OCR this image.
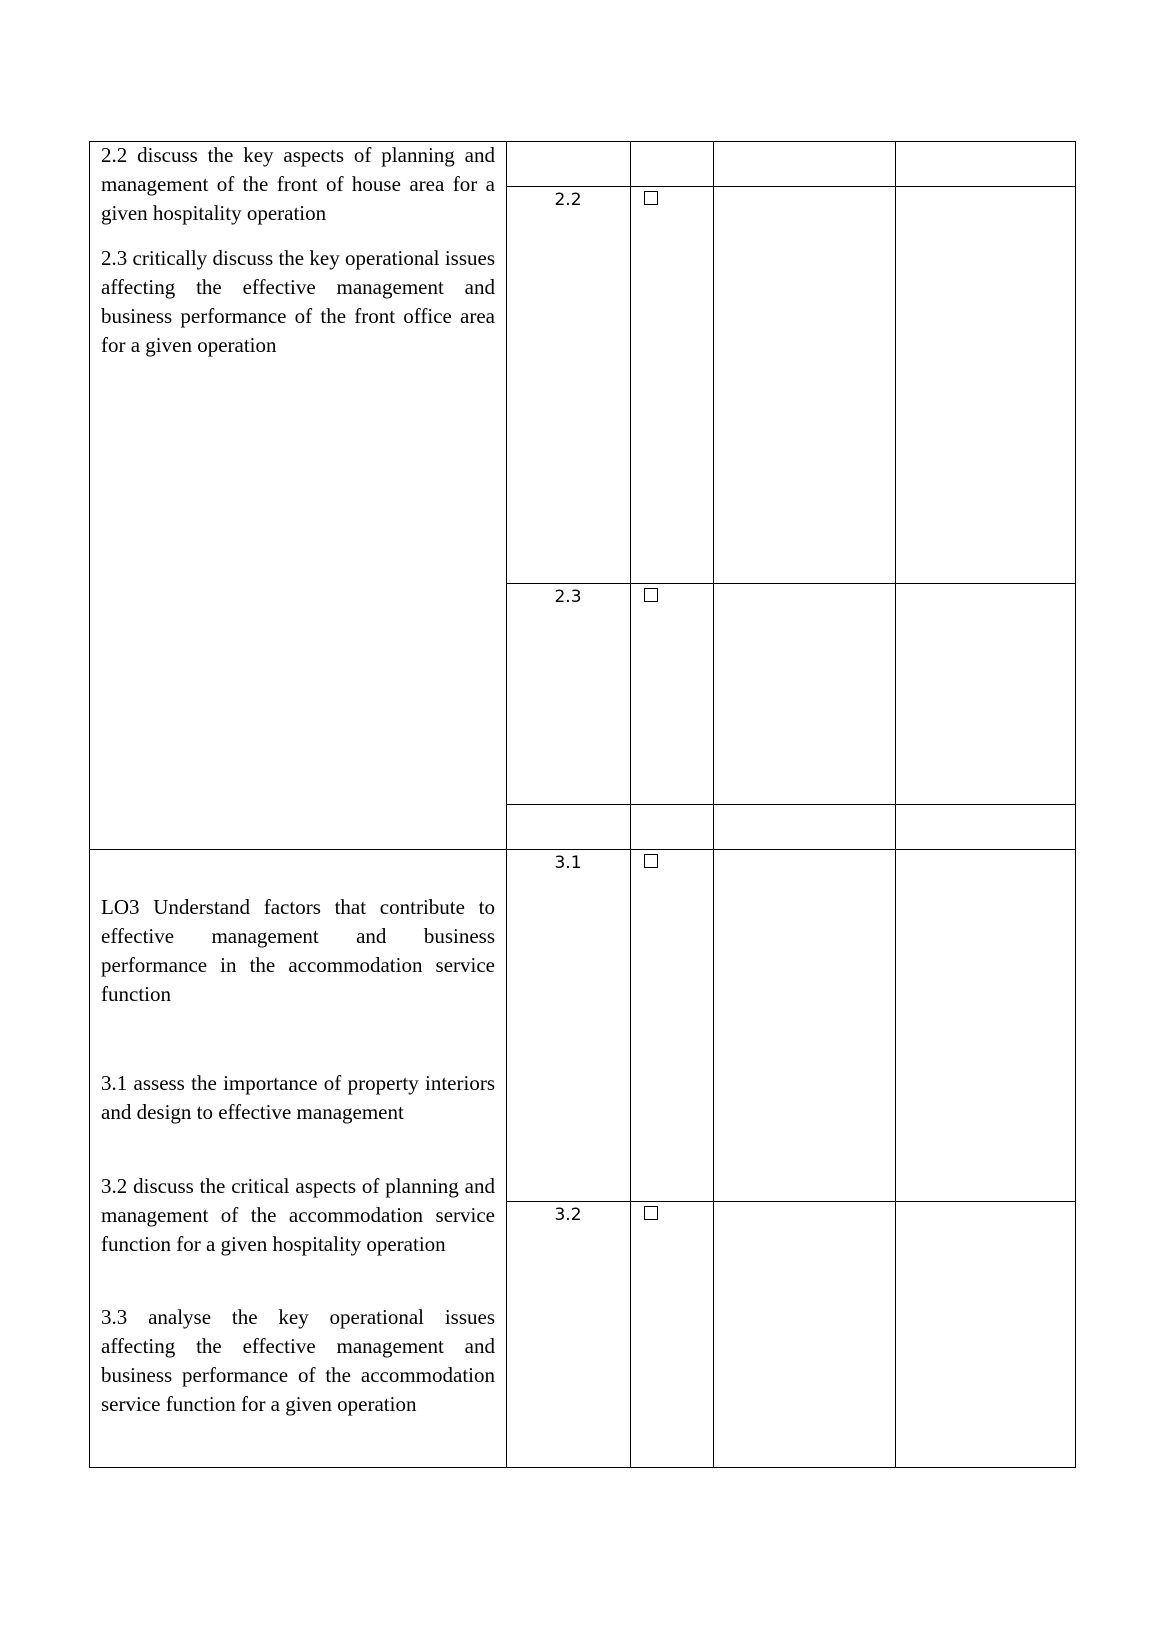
2.2 discuss the key aspects of planning and management of the front of house area for a given hospitality operation
2.3 critically discuss the key operational issues affecting the effective management and business performance of the front office area for a given operation
LO3 Understand factors that contribute to effective management and business performance in the accommodation service function
3.1 assess the importance of property interiors and design to effective management
3.2 discuss the critical aspects of planning and management of the accommodation service function for a given hospitality operation
3.3 analyse the key operational issues affecting the effective management and business performance of the accommodation service function for a given operation
2.2
2.3
3.1
3.2
